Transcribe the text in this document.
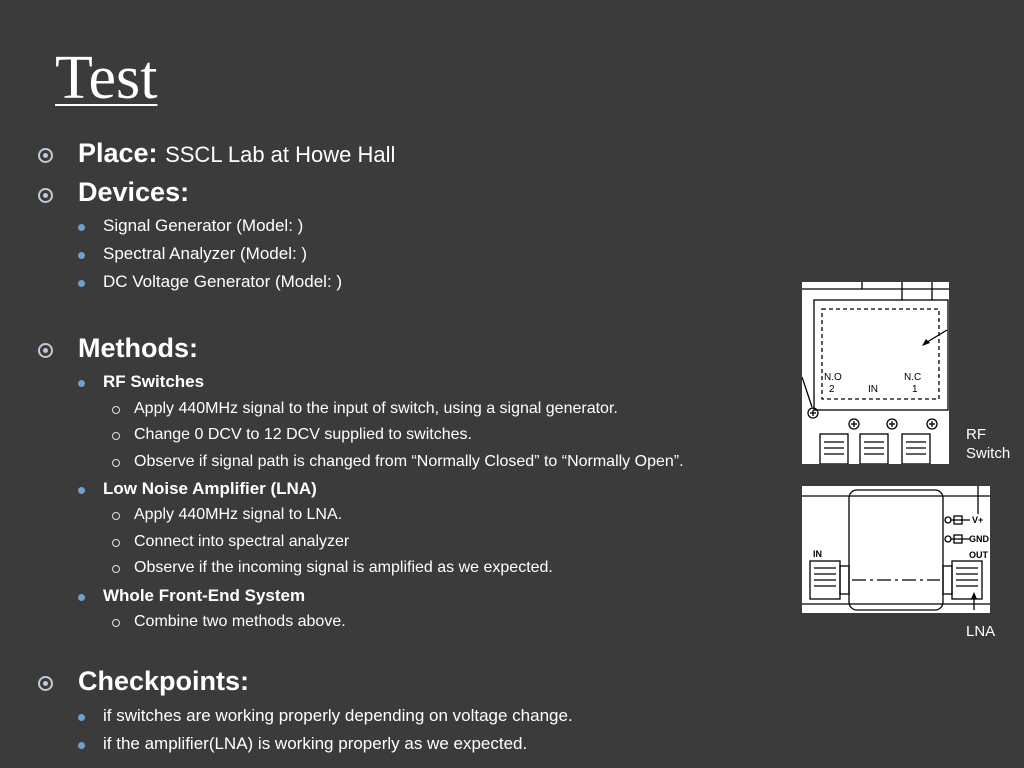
Test
Place: SSCL Lab at Howe Hall
Devices:
Signal Generator (Model: )
Spectral Analyzer (Model: )
DC Voltage Generator (Model: )
Methods:
RF Switches
Apply 440MHz signal to the input of switch, using a signal generator.
Change 0 DCV to 12 DCV supplied to switches.
Observe if signal path is changed from “Normally Closed” to “Normally Open”.
Low Noise Amplifier (LNA)
Apply 440MHz signal to LNA.
Connect into spectral analyzer
Observe if the incoming signal is amplified as we expected.
Whole Front-End System
Combine two methods above.
Checkpoints:
if switches are working properly depending on voltage change.
if the amplifier(LNA) is working properly as we expected.
N.O	N.C
2	IN	1
RF
Switch
IN
V+
GND
OUT
LNA
